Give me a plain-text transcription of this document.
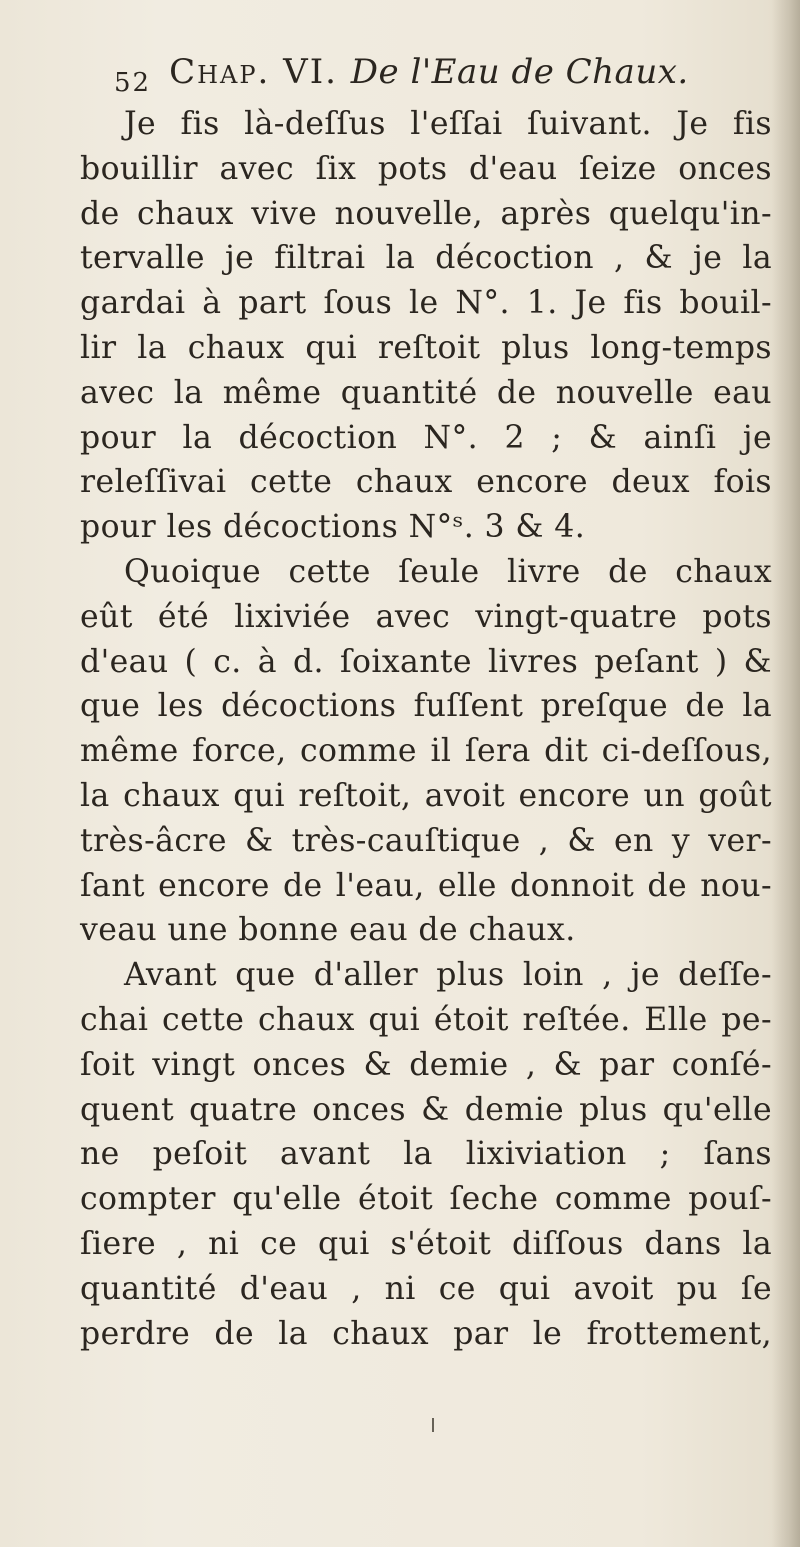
$_{52}$ Chap. VI. De l'Eau de Chaux.
Je fis là-deſſus l'eſſai ſuivant. Je fis
bouillir avec ſix pots d'eau ſeize onces
de chaux vive nouvelle, après quelqu'in-
tervalle je filtrai la décoction , & je la
gardai à part ſous le N°. 1. Je fis bouil-
lir la chaux qui reſtoit plus long-temps
avec la même quantité de nouvelle eau
pour la décoction N°. 2 ; & ainſi je
releſſivai cette chaux encore deux fois
pour les décoctions N°ˢ. 3 & 4.
Quoique cette ſeule livre de chaux
eût été lixiviée avec vingt-quatre pots
d'eau ( c. à d. ſoixante livres peſant ) &
que les décoctions fuſſent preſque de la
même force, comme il ſera dit ci-deſſous,
la chaux qui reſtoit, avoit encore un goût
très-âcre & très-cauſtique , & en y ver-
ſant encore de l'eau, elle donnoit de nou-
veau une bonne eau de chaux.
Avant que d'aller plus loin , je deſſe-
chai cette chaux qui étoit reſtée. Elle pe-
ſoit vingt onces & demie , & par conſé-
quent quatre onces & demie plus qu'elle
ne peſoit avant la lixiviation ; ſans
compter qu'elle étoit ſeche comme pouſ-
ſiere , ni ce qui s'étoit diſſous dans la
quantité d'eau , ni ce qui avoit pu ſe
perdre de la chaux par le frottement,
